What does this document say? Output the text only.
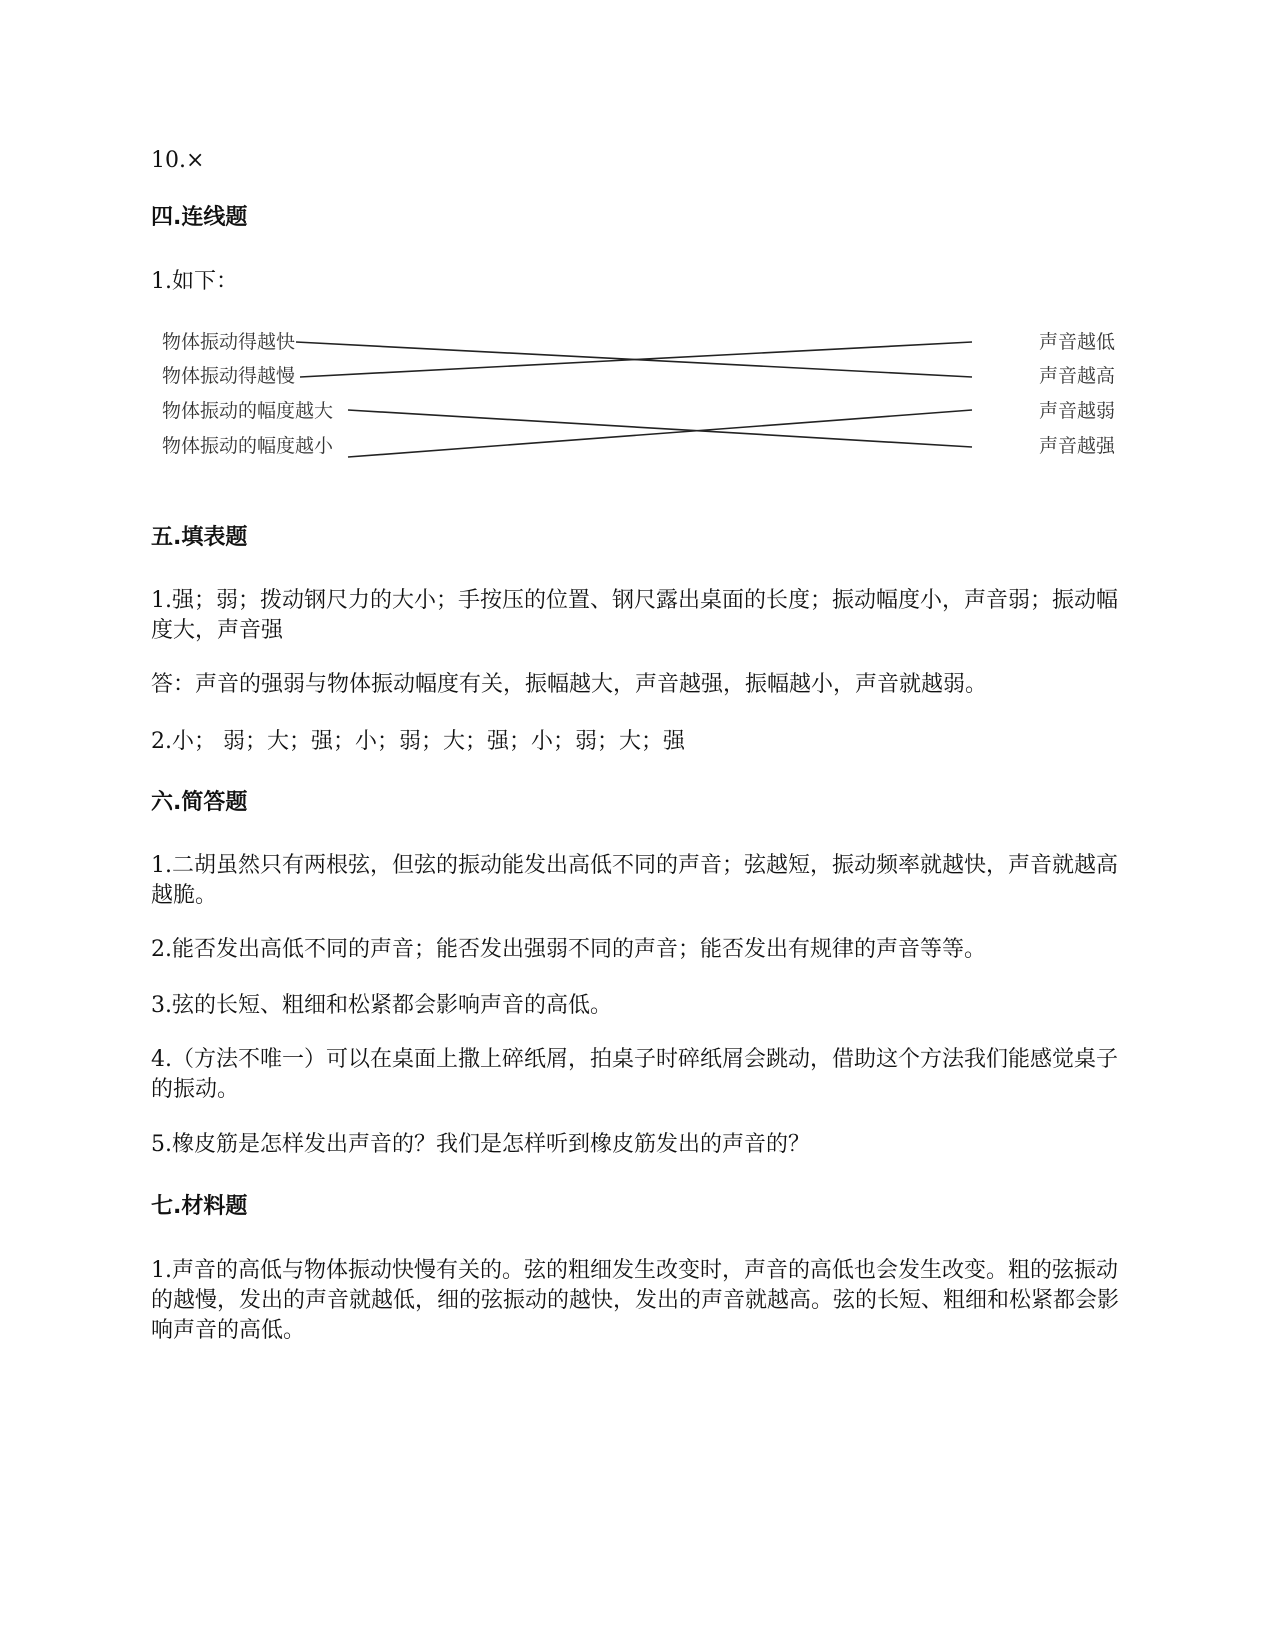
10.×
四.连线题
1.如下：
物体振动得越快
物体振动得越慢
物体振动的幅度越大
物体振动的幅度越小
声音越低
声音越高
声音越弱
声音越强
五.填表题
1.强；弱；拨动钢尺力的大小；手按压的位置、钢尺露出桌面的长度；振动幅度小，声音弱；振动幅度大，声音强
答：声音的强弱与物体振动幅度有关，振幅越大，声音越强，振幅越小，声音就越弱。
2.小； 弱；大；强；小；弱；大；强；小；弱；大；强
六.简答题
1.二胡虽然只有两根弦，但弦的振动能发出高低不同的声音；弦越短，振动频率就越快，声音就越高越脆。
2.能否发出高低不同的声音；能否发出强弱不同的声音；能否发出有规律的声音等等。
3.弦的长短、粗细和松紧都会影响声音的高低。
4.（方法不唯一）可以在桌面上撒上碎纸屑，拍桌子时碎纸屑会跳动，借助这个方法我们能感觉桌子的振动。
5.橡皮筋是怎样发出声音的？我们是怎样听到橡皮筋发出的声音的？
七.材料题
1.声音的高低与物体振动快慢有关的。弦的粗细发生改变时，声音的高低也会发生改变。粗的弦振动的越慢，发出的声音就越低，细的弦振动的越快，发出的声音就越高。弦的长短、粗细和松紧都会影响声音的高低。
